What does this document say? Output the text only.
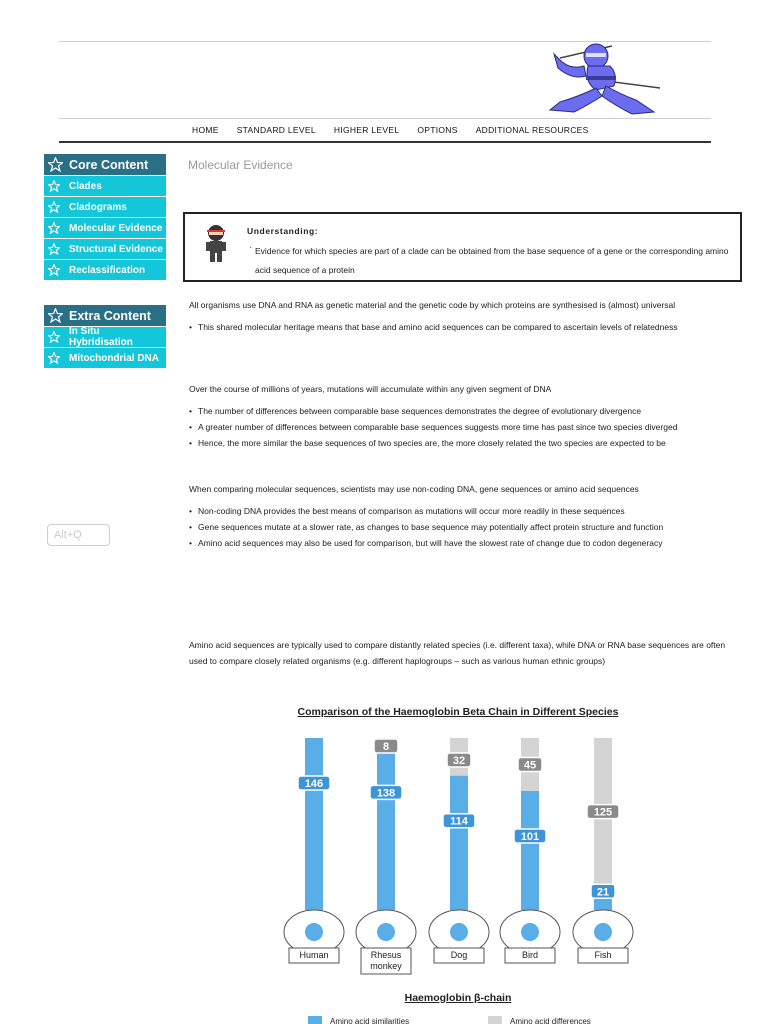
HOME STANDARD LEVEL HIGHER LEVEL OPTIONS ADDITIONAL RESOURCES
Core Content
Clades
Cladograms
Molecular Evidence
Structural Evidence
Reclassification
Extra Content
In Situ Hybridisation
Mitochondrial DNA
Alt+Q
Molecular Evidence
Understanding:
· Evidence for which species are part of a clade can be obtained from the base sequence of a gene or the corresponding amino acid sequence of a protein

All organisms use DNA and RNA as genetic material and the genetic code by which proteins are synthesised is (almost) universal

• This shared molecular heritage means that base and amino acid sequences can be compared to ascertain levels of relatedness

Over the course of millions of years, mutations will accumulate within any given segment of DNA

• The number of differences between comparable base sequences demonstrates the degree of evolutionary divergence

• A greater number of differences between comparable base sequences suggests more time has past since two species diverged

• Hence, the more similar the base sequences of two species are, the more closely related the two species are expected to be

When comparing molecular sequences, scientists may use non-coding DNA, gene sequences or amino acid sequences

• Non-coding DNA provides the best means of comparison as mutations will occur more readily in these sequences

• Gene sequences mutate at a slower rate, as changes to base sequence may potentially affect protein structure and function

• Amino acid sequences may also be used for comparison, but will have the slowest rate of change due to codon degeneracy

Amino acid sequences are typically used to compare distantly related species (i.e. different taxa), while DNA or RNA base sequences are often used to compare closely related organisms (e.g. different haplogroups – such as various human ethnic groups)

Comparison of the Haemoglobin Beta Chain in Different Species
146
Human
8
138
Rhesus
monkey
32
114
Dog
45
101
Bird
125
21
Fish
Haemoglobin β-chain
Amino acid similarities	Amino acid differences
